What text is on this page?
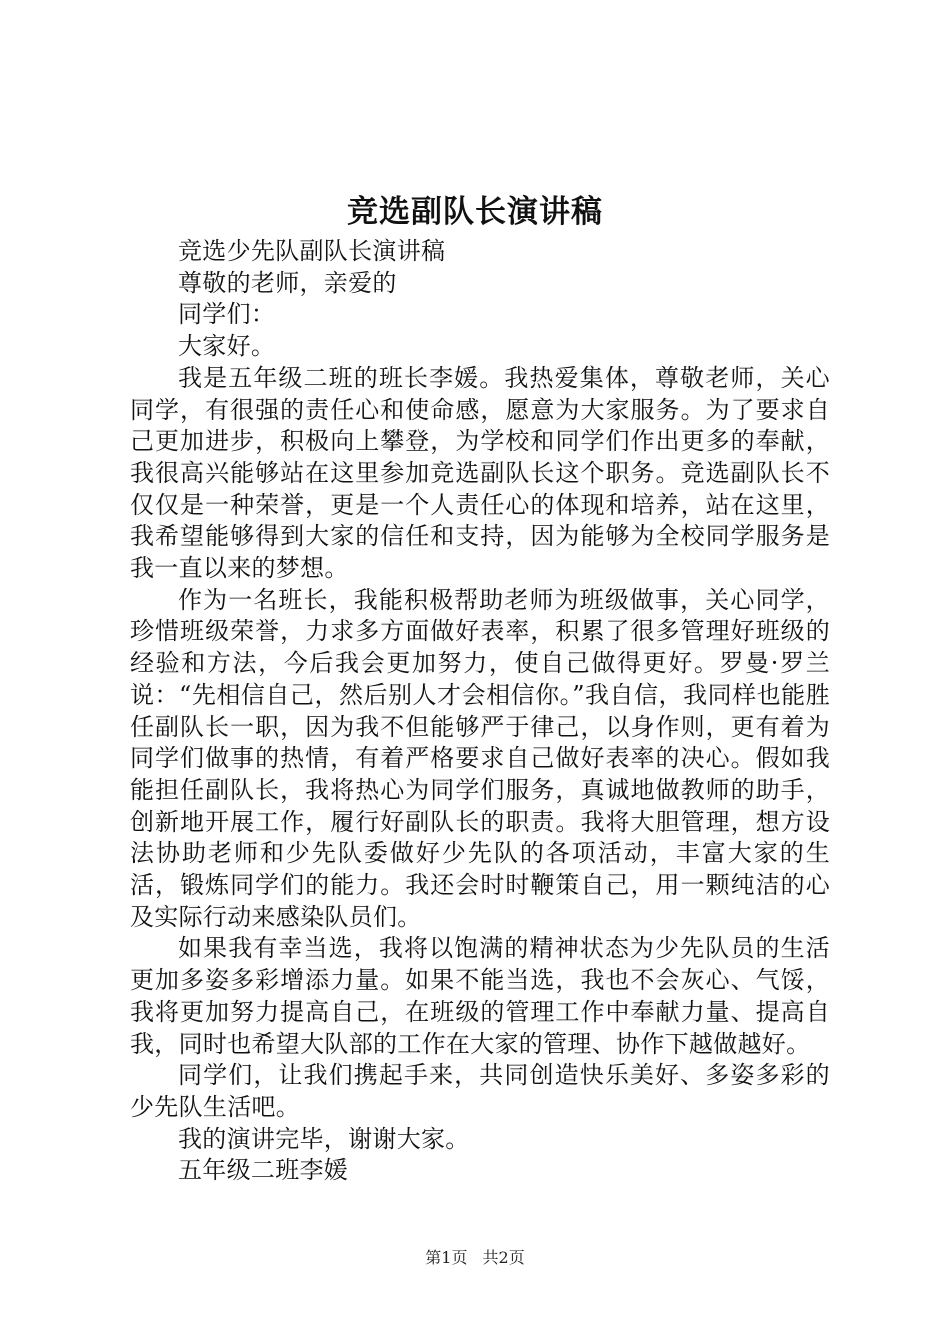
竞选副队长演讲稿

竞选少先队副队长演讲稿

尊敬的老师，亲爱的

同学们：

大家好。

我是五年级二班的班长李媛。我热爱集体，尊敬老师，关心同学，有很强的责任心和使命感，愿意为大家服务。为了要求自己更加进步，积极向上攀登，为学校和同学们作出更多的奉献，我很高兴能够站在这里参加竞选副队长这个职务。竞选副队长不仅仅是一种荣誉，更是一个人责任心的体现和培养，站在这里，我希望能够得到大家的信任和支持，因为能够为全校同学服务是我一直以来的梦想。

作为一名班长，我能积极帮助老师为班级做事，关心同学，珍惜班级荣誉，力求多方面做好表率，积累了很多管理好班级的经验和方法，今后我会更加努力，使自己做得更好。罗曼·罗兰说：“先相信自己，然后别人才会相信你。”我自信，我同样也能胜任副队长一职，因为我不但能够严于律己，以身作则，更有着为同学们做事的热情，有着严格要求自己做好表率的决心。假如我能担任副队长，我将热心为同学们服务，真诚地做教师的助手，创新地开展工作，履行好副队长的职责。我将大胆管理，想方设法协助老师和少先队委做好少先队的各项活动，丰富大家的生活，锻炼同学们的能力。我还会时时鞭策自己，用一颗纯洁的心及实际行动来感染队员们。

如果我有幸当选，我将以饱满的精神状态为少先队员的生活更加多姿多彩增添力量。如果不能当选，我也不会灰心、气馁，我将更加努力提高自己，在班级的管理工作中奉献力量、提高自我，同时也希望大队部的工作在大家的管理、协作下越做越好。

同学们，让我们携起手来，共同创造快乐美好、多姿多彩的少先队生活吧。

我的演讲完毕，谢谢大家。

五年级二班李媛

第1页 共2页
